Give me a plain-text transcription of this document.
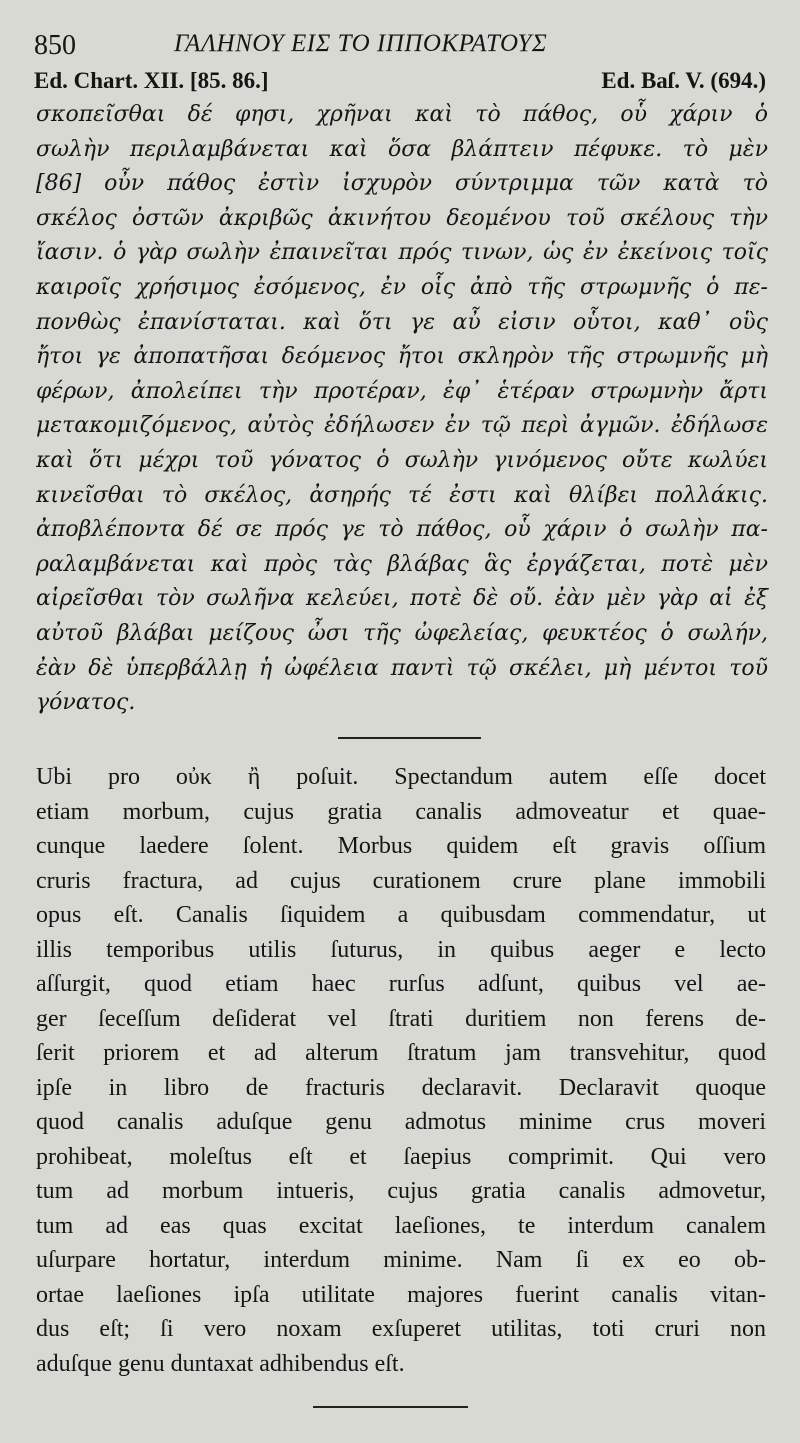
850	ΓΑΛΗΝΟΥ ΕΙΣ ΤΟ ΙΠΠΟΚΡΑΤΟΥΣ
Ed. Chart. XII. [85. 86.]	Ed. Baſ. V. (694.)
σκοπεῖσθαι δέ φησι, χρῆναι καὶ τὸ πάθος, οὗ χάριν ὁ
σωλὴν περιλαμβάνεται καὶ ὅσα βλάπτειν πέφυκε. τὸ μὲν
[86] οὖν πάθος ἐστὶν ἰσχυρὸν σύντριμμα τῶν κατὰ τὸ
σκέλος ὀστῶν ἀκριβῶς ἀκινήτου δεομένου τοῦ σκέλους τὴν
ἴασιν. ὁ γὰρ σωλὴν ἐπαινεῖται πρός τινων, ὡς ἐν ἐκείνοις τοῖς
καιροῖς χρήσιμος ἐσόμενος, ἐν οἷς ἀπὸ τῆς στρωμνῆς ὁ πε-
πονθὼς ἐπανίσταται. καὶ ὅτι γε αὖ εἰσιν οὗτοι, καθ᾽ οὓς
ἤτοι γε ἀποπατῆσαι δεόμενος ἤτοι σκληρὸν τῆς στρωμνῆς μὴ
φέρων, ἀπολείπει τὴν προτέραν, ἐφ᾽ ἑτέραν στρωμνὴν ἄρτι
μετακομιζόμενος, αὐτὸς ἐδήλωσεν ἐν τῷ περὶ ἀγμῶν. ἐδήλωσε
καὶ ὅτι μέχρι τοῦ γόνατος ὁ σωλὴν γινόμενος οὔτε κωλύει
κινεῖσθαι τὸ σκέλος, ἀσηρής τέ ἐστι καὶ θλίβει πολλάκις.
ἀποβλέποντα δέ σε πρός γε τὸ πάθος, οὗ χάριν ὁ σωλὴν πα-
ραλαμβάνεται καὶ πρὸς τὰς βλάβας ἃς ἐργάζεται, ποτὲ μὲν
αἱρεῖσθαι τὸν σωλῆνα κελεύει, ποτὲ δὲ οὔ. ἐὰν μὲν γὰρ αἱ ἐξ
αὐτοῦ βλάβαι μείζους ὦσι τῆς ὠφελείας, φευκτέος ὁ σωλήν,
ἐὰν δὲ ὑπερβάλλῃ ἡ ὠφέλεια παντὶ τῷ σκέλει, μὴ μέντοι τοῦ
γόνατος.
Ubi pro οὐκ ἢ poſuit. Spectandum autem eſſe docet
etiam morbum, cujus gratia canalis admoveatur et quae-
cunque laedere ſolent. Morbus quidem eſt gravis oſſium
cruris fractura, ad cujus curationem crure plane immobili
opus eſt. Canalis ſiquidem a quibusdam commendatur, ut
illis temporibus utilis ſuturus, in quibus aeger e lecto
aſſurgit, quod etiam haec rurſus adſunt, quibus vel ae-
ger ſeceſſum deſiderat vel ſtrati duritiem non ferens de-
ſerit priorem et ad alterum ſtratum jam transvehitur, quod
ipſe in libro de fracturis declaravit. Declaravit quoque
quod canalis aduſque genu admotus minime crus moveri
prohibeat, moleſtus eſt et ſaepius comprimit. Qui vero
tum ad morbum intueris, cujus gratia canalis admovetur,
tum ad eas quas excitat laeſiones, te interdum canalem
uſurpare hortatur, interdum minime. Nam ſi ex eo ob-
ortae laeſiones ipſa utilitate majores fuerint canalis vitan-
dus eſt; ſi vero noxam exſuperet utilitas, toti cruri non
aduſque genu duntaxat adhibendus eſt.
